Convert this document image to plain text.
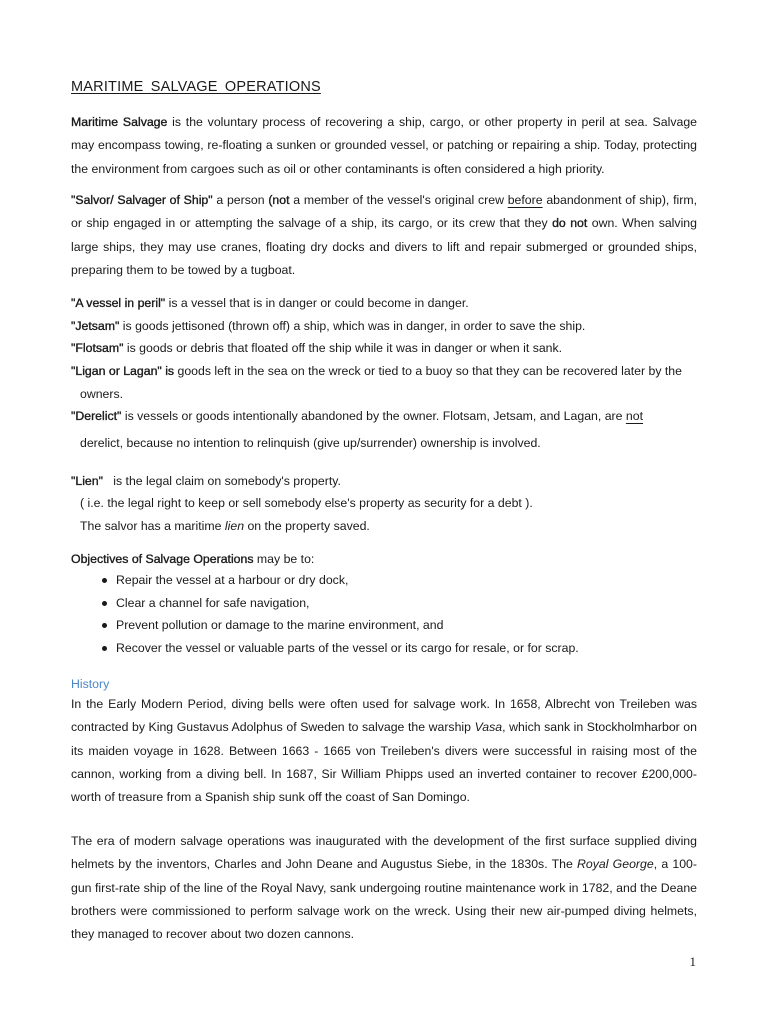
MARITIME SALVAGE OPERATIONS
Maritime Salvage is the voluntary process of recovering a ship, cargo, or other property in peril at sea. Salvage may encompass towing, re-floating a sunken or grounded vessel, or patching or repairing a ship. Today, protecting the environment from cargoes such as oil or other contaminants is often considered a high priority.
"Salvor/ Salvager of Ship" a person (not a member of the vessel's original crew before abandonment of ship), firm, or ship engaged in or attempting the salvage of a ship, its cargo, or its crew that they do not own. When salving large ships, they may use cranes, floating dry docks and divers to lift and repair submerged or grounded ships, preparing them to be towed by a tugboat.
"A vessel in peril" is a vessel that is in danger or could become in danger.
"Jetsam" is goods jettisoned (thrown off) a ship, which was in danger, in order to save the ship.
"Flotsam" is goods or debris that floated off the ship while it was in danger or when it sank.
"Ligan or Lagan" is goods left in the sea on the wreck or tied to a buoy so that they can be recovered later by the
owners.
"Derelict" is vessels or goods intentionally abandoned by the owner. Flotsam, Jetsam, and Lagan, are not
derelict, because no intention to relinquish (give up/surrender) ownership is involved.
"Lien"   is the legal claim on somebody's property.
( i.e. the legal right to keep or sell somebody else's property as security for a debt ).
The salvor has a maritime lien on the property saved.
Objectives of Salvage Operations may be to:
Repair the vessel at a harbour or dry dock,
Clear a channel for safe navigation,
Prevent pollution or damage to the marine environment, and
Recover the vessel or valuable parts of the vessel or its cargo for resale, or for scrap.
History
In the Early Modern Period, diving bells were often used for salvage work. In 1658, Albrecht von Treileben was contracted by King Gustavus Adolphus of Sweden to salvage the warship Vasa, which sank in Stockholmharbor on its maiden voyage in 1628. Between 1663 - 1665 von Treileben's divers were successful in raising most of the cannon, working from a diving bell. In 1687, Sir William Phipps used an inverted container to recover £200,000-worth of treasure from a Spanish ship sunk off the coast of San Domingo.
The era of modern salvage operations was inaugurated with the development of the first surface supplied diving helmets by the inventors, Charles and John Deane and Augustus Siebe, in the 1830s. The Royal George, a 100-gun first-rate ship of the line of the Royal Navy, sank undergoing routine maintenance work in 1782, and the Deane brothers were commissioned to perform salvage work on the wreck. Using their new air-pumped diving helmets, they managed to recover about two dozen cannons.
1
